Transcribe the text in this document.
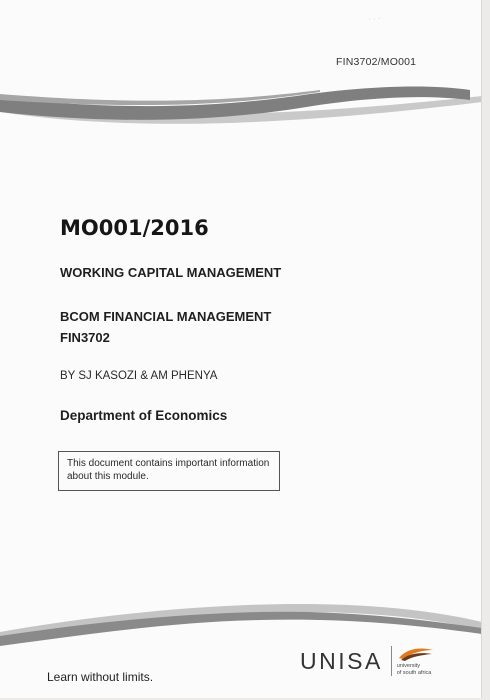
· · ·
FIN3702/MO001
MO001/2016
WORKING CAPITAL MANAGEMENT
BCOM FINANCIAL MANAGEMENT
FIN3702
BY SJ KASOZI & AM PHENYA
Department of Economics
This document contains important information about this module.
Learn without limits.
UNISA	university
of south africa
